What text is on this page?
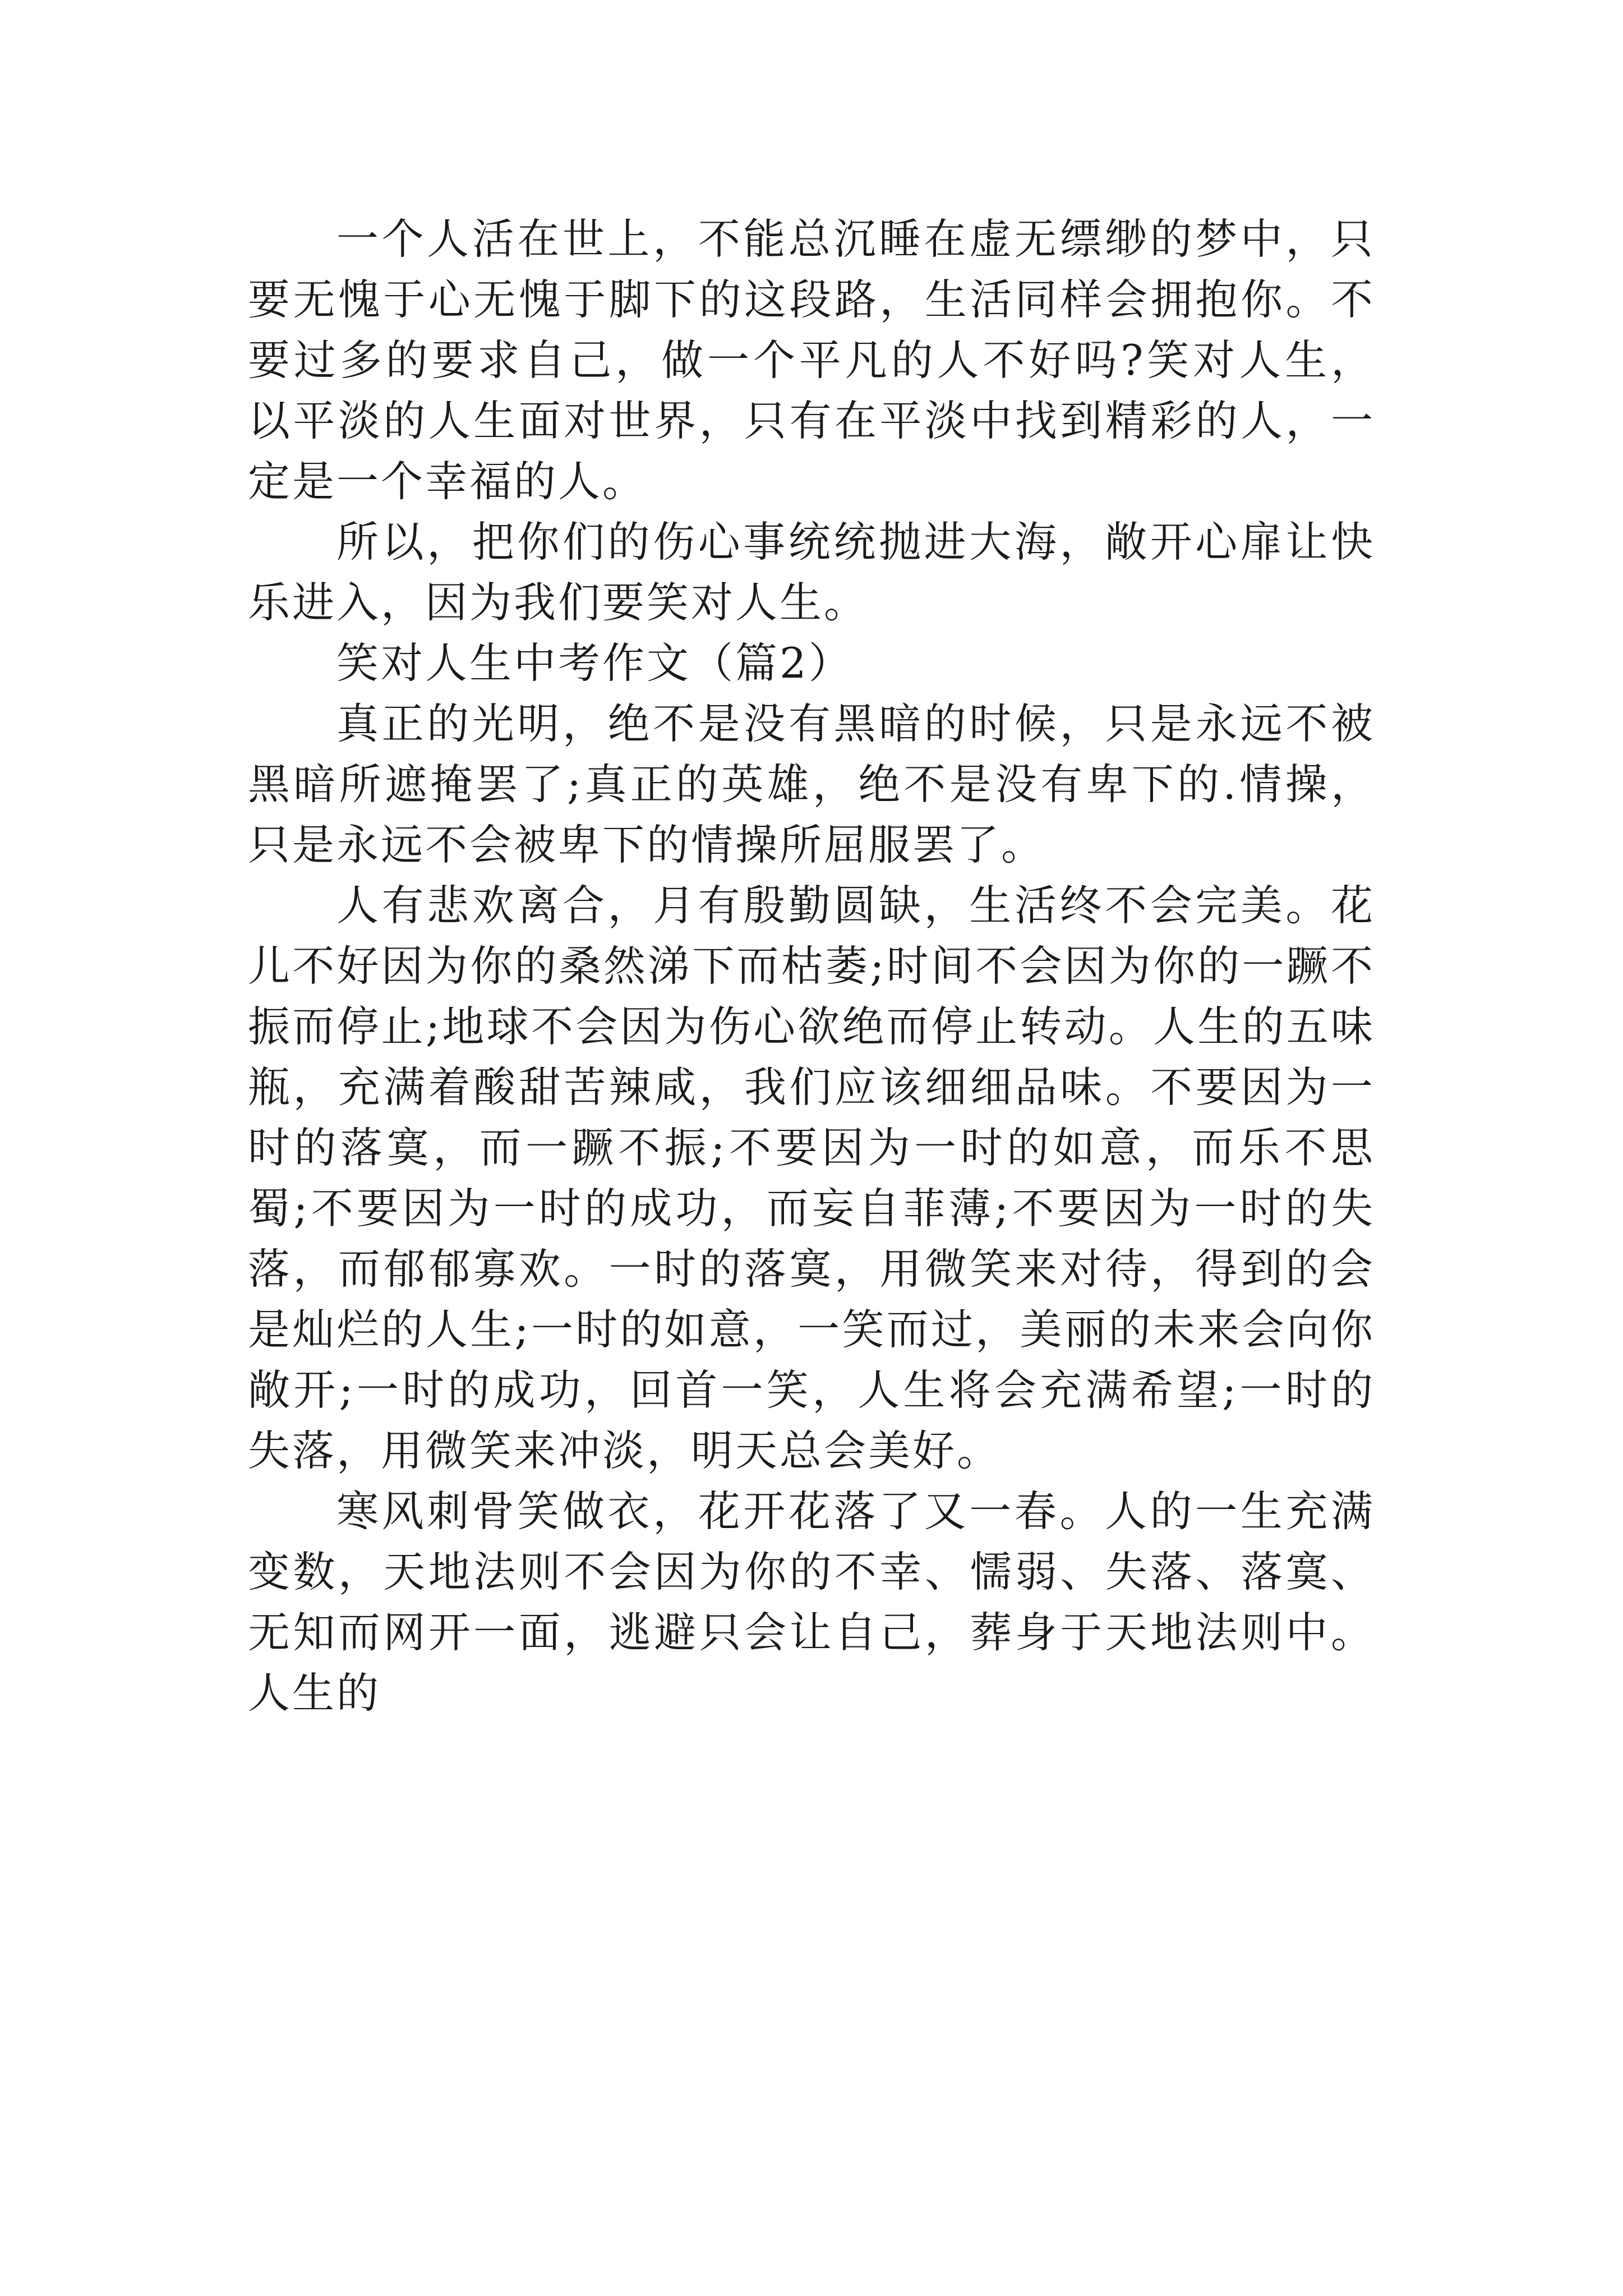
一个人活在世上，不能总沉睡在虚无缥缈的梦中，只要无愧于心无愧于脚下的这段路，生活同样会拥抱你。不要过多的要求自己，做一个平凡的人不好吗?笑对人生，以平淡的人生面对世界，只有在平淡中找到精彩的人，一定是一个幸福的人。

所以，把你们的伤心事统统抛进大海，敞开心扉让快乐进入，因为我们要笑对人生。

笑对人生中考作文（篇2）

真正的光明，绝不是没有黑暗的时候，只是永远不被黑暗所遮掩罢了;真正的英雄，绝不是没有卑下的.情操，只是永远不会被卑下的情操所屈服罢了。

人有悲欢离合，月有殷勤圆缺，生活终不会完美。花儿不好因为你的桑然涕下而枯萎;时间不会因为你的一蹶不振而停止;地球不会因为伤心欲绝而停止转动。人生的五味瓶，充满着酸甜苦辣咸，我们应该细细品味。不要因为一时的落寞，而一蹶不振;不要因为一时的如意，而乐不思蜀;不要因为一时的成功，而妄自菲薄;不要因为一时的失落，而郁郁寡欢。一时的落寞，用微笑来对待，得到的会是灿烂的人生;一时的如意，一笑而过，美丽的未来会向你敞开;一时的成功，回首一笑，人生将会充满希望;一时的失落，用微笑来冲淡，明天总会美好。

寒风刺骨笑做衣，花开花落了又一春。人的一生充满变数，天地法则不会因为你的不幸、懦弱、失落、落寞、无知而网开一面，逃避只会让自己，葬身于天地法则中。人生的
